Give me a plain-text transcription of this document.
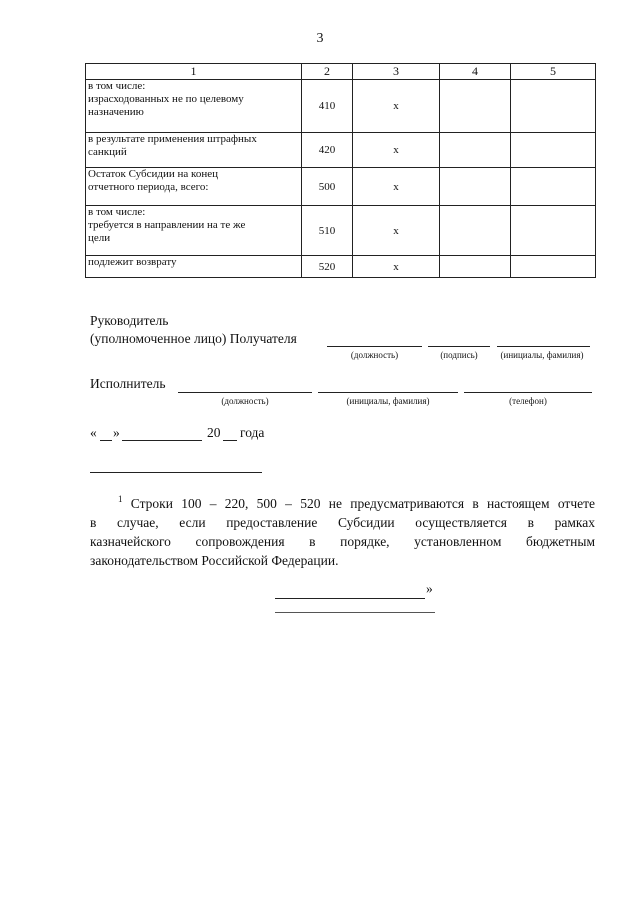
3
1	2	3	4	5

в том числе:
израсходованных не по целевому
назначению	410	x		

в результате применения штрафных
санкций	420	x		

Остаток Субсидии на конец
отчетного периода, всего:	500	x		

в том числе:
требуется в направлении на те же
цели	510	x		

подлежит возврату	520	x		
Руководитель
(уполномоченное лицо) Получателя
(должность)	(подпись)	(инициалы, фамилия)
Исполнитель
(должность)	(инициалы, фамилия)	(телефон)
« »	20 года
$^1$ Строки 100 – 220, 500 – 520 не предусматриваются в настоящем отчете
в случае, если предоставление Субсидии осуществляется в рамках
казначейского сопровождения в порядке, установленном бюджетным
законодательством Российской Федерации.
»
